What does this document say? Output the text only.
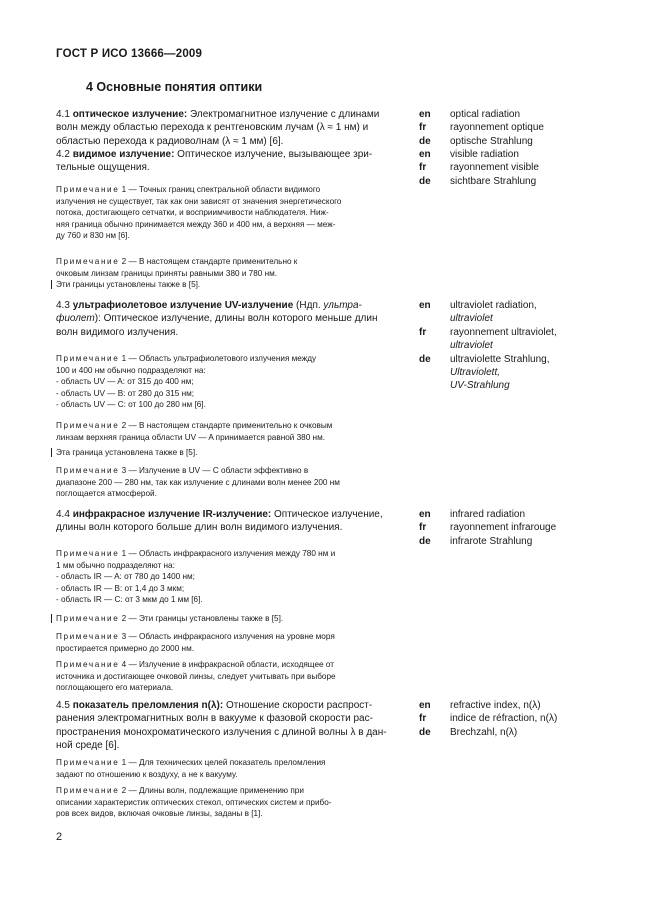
ГОСТ Р ИСО 13666—2009
4 Основные понятия оптики

4.1 оптическое излучение: Электромагнитное излучение с длинами

волн между областью перехода к рентгеновским лучам (λ ≈ 1 нм) и

областью перехода к радиоволнам (λ ≈ 1 мм) [6].

en	optical radiation
fr	rayonnement optique
de	optische Strahlung

4.2 видимое излучение: Оптическое излучение, вызывающее зри-

тельные ощущения.

en	visible radiation
fr	rayonnement visible
de	sichtbare Strahlung

Примечание 1 — Точных границ спектральной области видимого

излучения не существует, так как они зависят от значения энергетического

потока, достигающего сетчатки, и восприимчивости наблюдателя. Ниж-

няя граница обычно принимается между 360 и 400 нм, а верхняя — меж-

ду 760 и 830 нм [6].

Примечание 2 — В настоящем стандарте применительно к

очковым линзам границы приняты равными 380 и 780 нм.

Эти границы установлены также в [5].

4.3 ультрафиолетовое излучение UV-излучение (Ндп. ультра-

фиолет): Оптическое излучение, длины волн которого меньше длин

волн видимого излучения.

en	ultraviolet radiation,
ultraviolet
fr	rayonnement ultraviolet,
ultraviolet
de	ultraviolette Strahlung,
Ultraviolett,
UV-Strahlung

Примечание 1 — Область ультрафиолетового излучения между

100 и 400 нм обычно подразделяют на:

- область UV — A: от 315 до 400 нм;

- область UV — B: от 280 до 315 нм;

- область UV — C: от 100 до 280 нм [6].

Примечание 2 — В настоящем стандарте применительно к очковым

линзам верхняя граница области UV — A принимается равной 380 нм.

Эта граница установлена также в [5].

Примечание 3 — Излучение в UV — C области эффективно в

диапазоне 200 — 280 нм, так как излучение с длинами волн менее 200 нм

поглощается атмосферой.

4.4 инфракрасное излучение IR-излучение: Оптическое излучение,

длины волн которого больше длин волн видимого излучения.

en	infrared radiation
fr	rayonnement infrarouge
de	infrarote Strahlung

Примечание 1 — Область инфракрасного излучения между 780 нм и

1 мм обычно подразделяют на:

- область IR — A: от 780 до 1400 нм;

- область IR — B: от 1,4 до 3 мкм;

- область IR — C: от 3 мкм до 1 мм [6].

Примечание 2 — Эти границы установлены также в [5].

Примечание 3 — Область инфракрасного излучения на уровне моря

простирается примерно до 2000 нм.

Примечание 4 — Излучение в инфракрасной области, исходящее от

источника и достигающее очковой линзы, следует учитывать при выборе

поглощающего его материала.

4.5 показатель преломления n(λ): Отношение скорости распрост-

ранения электромагнитных волн в вакууме к фазовой скорости рас-

пространения монохроматического излучения с длиной волны λ в дан-

ной среде [6].

en	refractive index, n(λ)
fr	indice de réfraction, n(λ)
de	Brechzahl, n(λ)

Примечание 1 — Для технических целей показатель преломления

задают по отношению к воздуху, а не к вакууму.

Примечание 2 — Длины волн, подлежащие применению при

описании характеристик оптических стекол, оптических систем и прибо-

ров всех видов, включая очковые линзы, заданы в [1].

2
